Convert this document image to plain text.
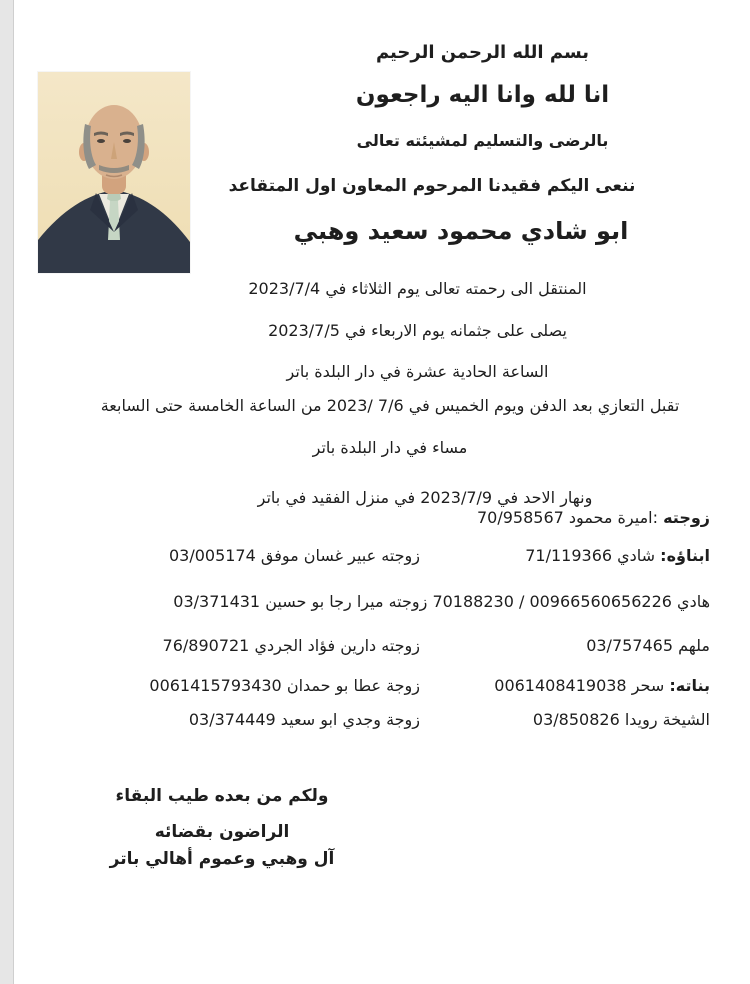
بسم الله الرحمن الرحيم
انا لله وانا اليه راجعون
بالرضى والتسليم لمشيئته تعالى
ننعى اليكم فقيدنا المرحوم المعاون اول المتقاعد
ابو شادي محمود سعيد وهبي
المنتقل الى رحمته تعالى يوم الثلاثاء في 2023/7/4
يصلى على جثمانه يوم الاربعاء في 2023/7/5
الساعة الحادية عشرة في دار البلدة باتر
تقبل التعازي بعد الدفن ويوم الخميس في 7/6 /2023 من الساعة الخامسة حتى السابعة
مساء في دار البلدة باتر
ونهار الاحد في 2023/7/9 في منزل الفقيد في باتر
زوجته :اميرة محمود 70/958567
ابناؤه: شادي 71/119366
زوجته عبير غسان موفق 03/005174
هادي 00966560656226 / 70188230 زوجته ميرا رجا بو حسين 03/371431
ملهم 03/757465
زوجته دارين فؤاد الجردي 76/890721
بناته: سحر 0061408419038
زوجة عطا بو حمدان 0061415793430
الشيخة رويدا 03/850826
زوجة وجدي ابو سعيد 03/374449
ولكم من بعده طيب البقاء
الراضون بقضائه
آل وهبي وعموم أهالي باتر
